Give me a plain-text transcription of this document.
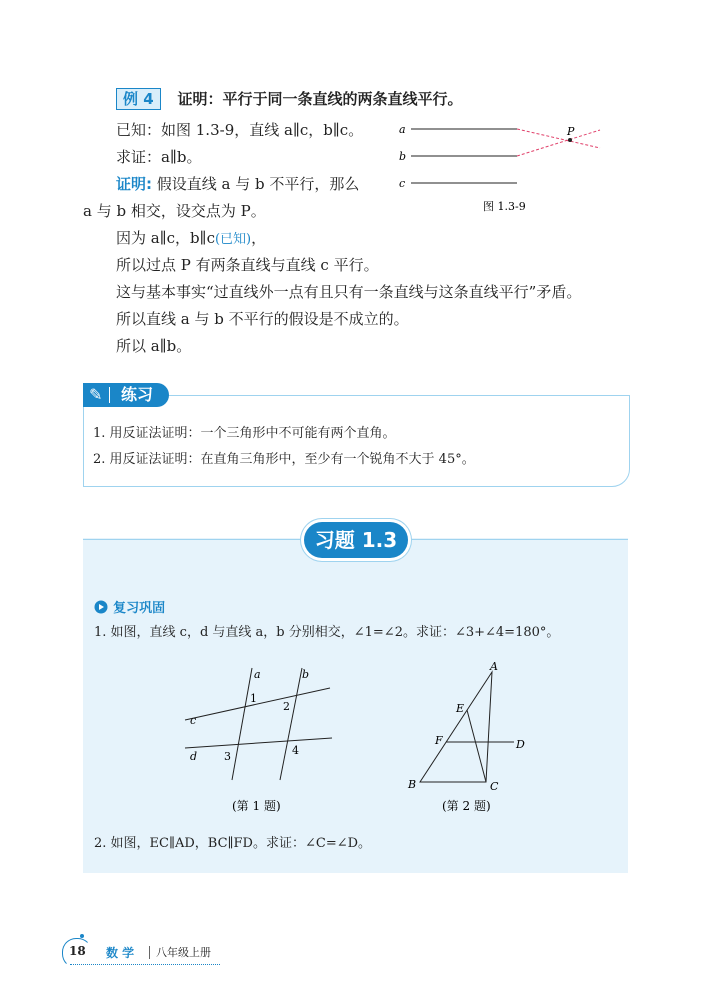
例 4 证明：平行于同一条直线的两条直线平行。
已知：如图 1.3-9，直线 a∥c，b∥c。
求证：a∥b。
证明: 假设直线 a 与 b 不平行，那么
a 与 b 相交，设交点为 P。
因为 a∥c，b∥c(已知)，
所以过点 P 有两条直线与直线 c 平行。
这与基本事实“过直线外一点有且只有一条直线与这条直线平行”矛盾。
所以直线 a 与 b 不平行的假设是不成立的。
所以 a∥b。
a
b
c
P
图 1.3-9
✎ 练习
1. 用反证法证明：一个三角形中不可能有两个直角。
2. 用反证法证明：在直角三角形中，至少有一个锐角不大于 45°。
习题 1.3
复习巩固
1. 如图，直线 c，d 与直线 a，b 分别相交，∠1=∠2。求证：∠3+∠4=180°。
a	b
c
d
1
2
3	4
(第 1 题)
A
B	C
D
E
F
(第 2 题)
2. 如图，EC∥AD，BC∥FD。求证：∠C=∠D。
18 数 学 八年级上册
